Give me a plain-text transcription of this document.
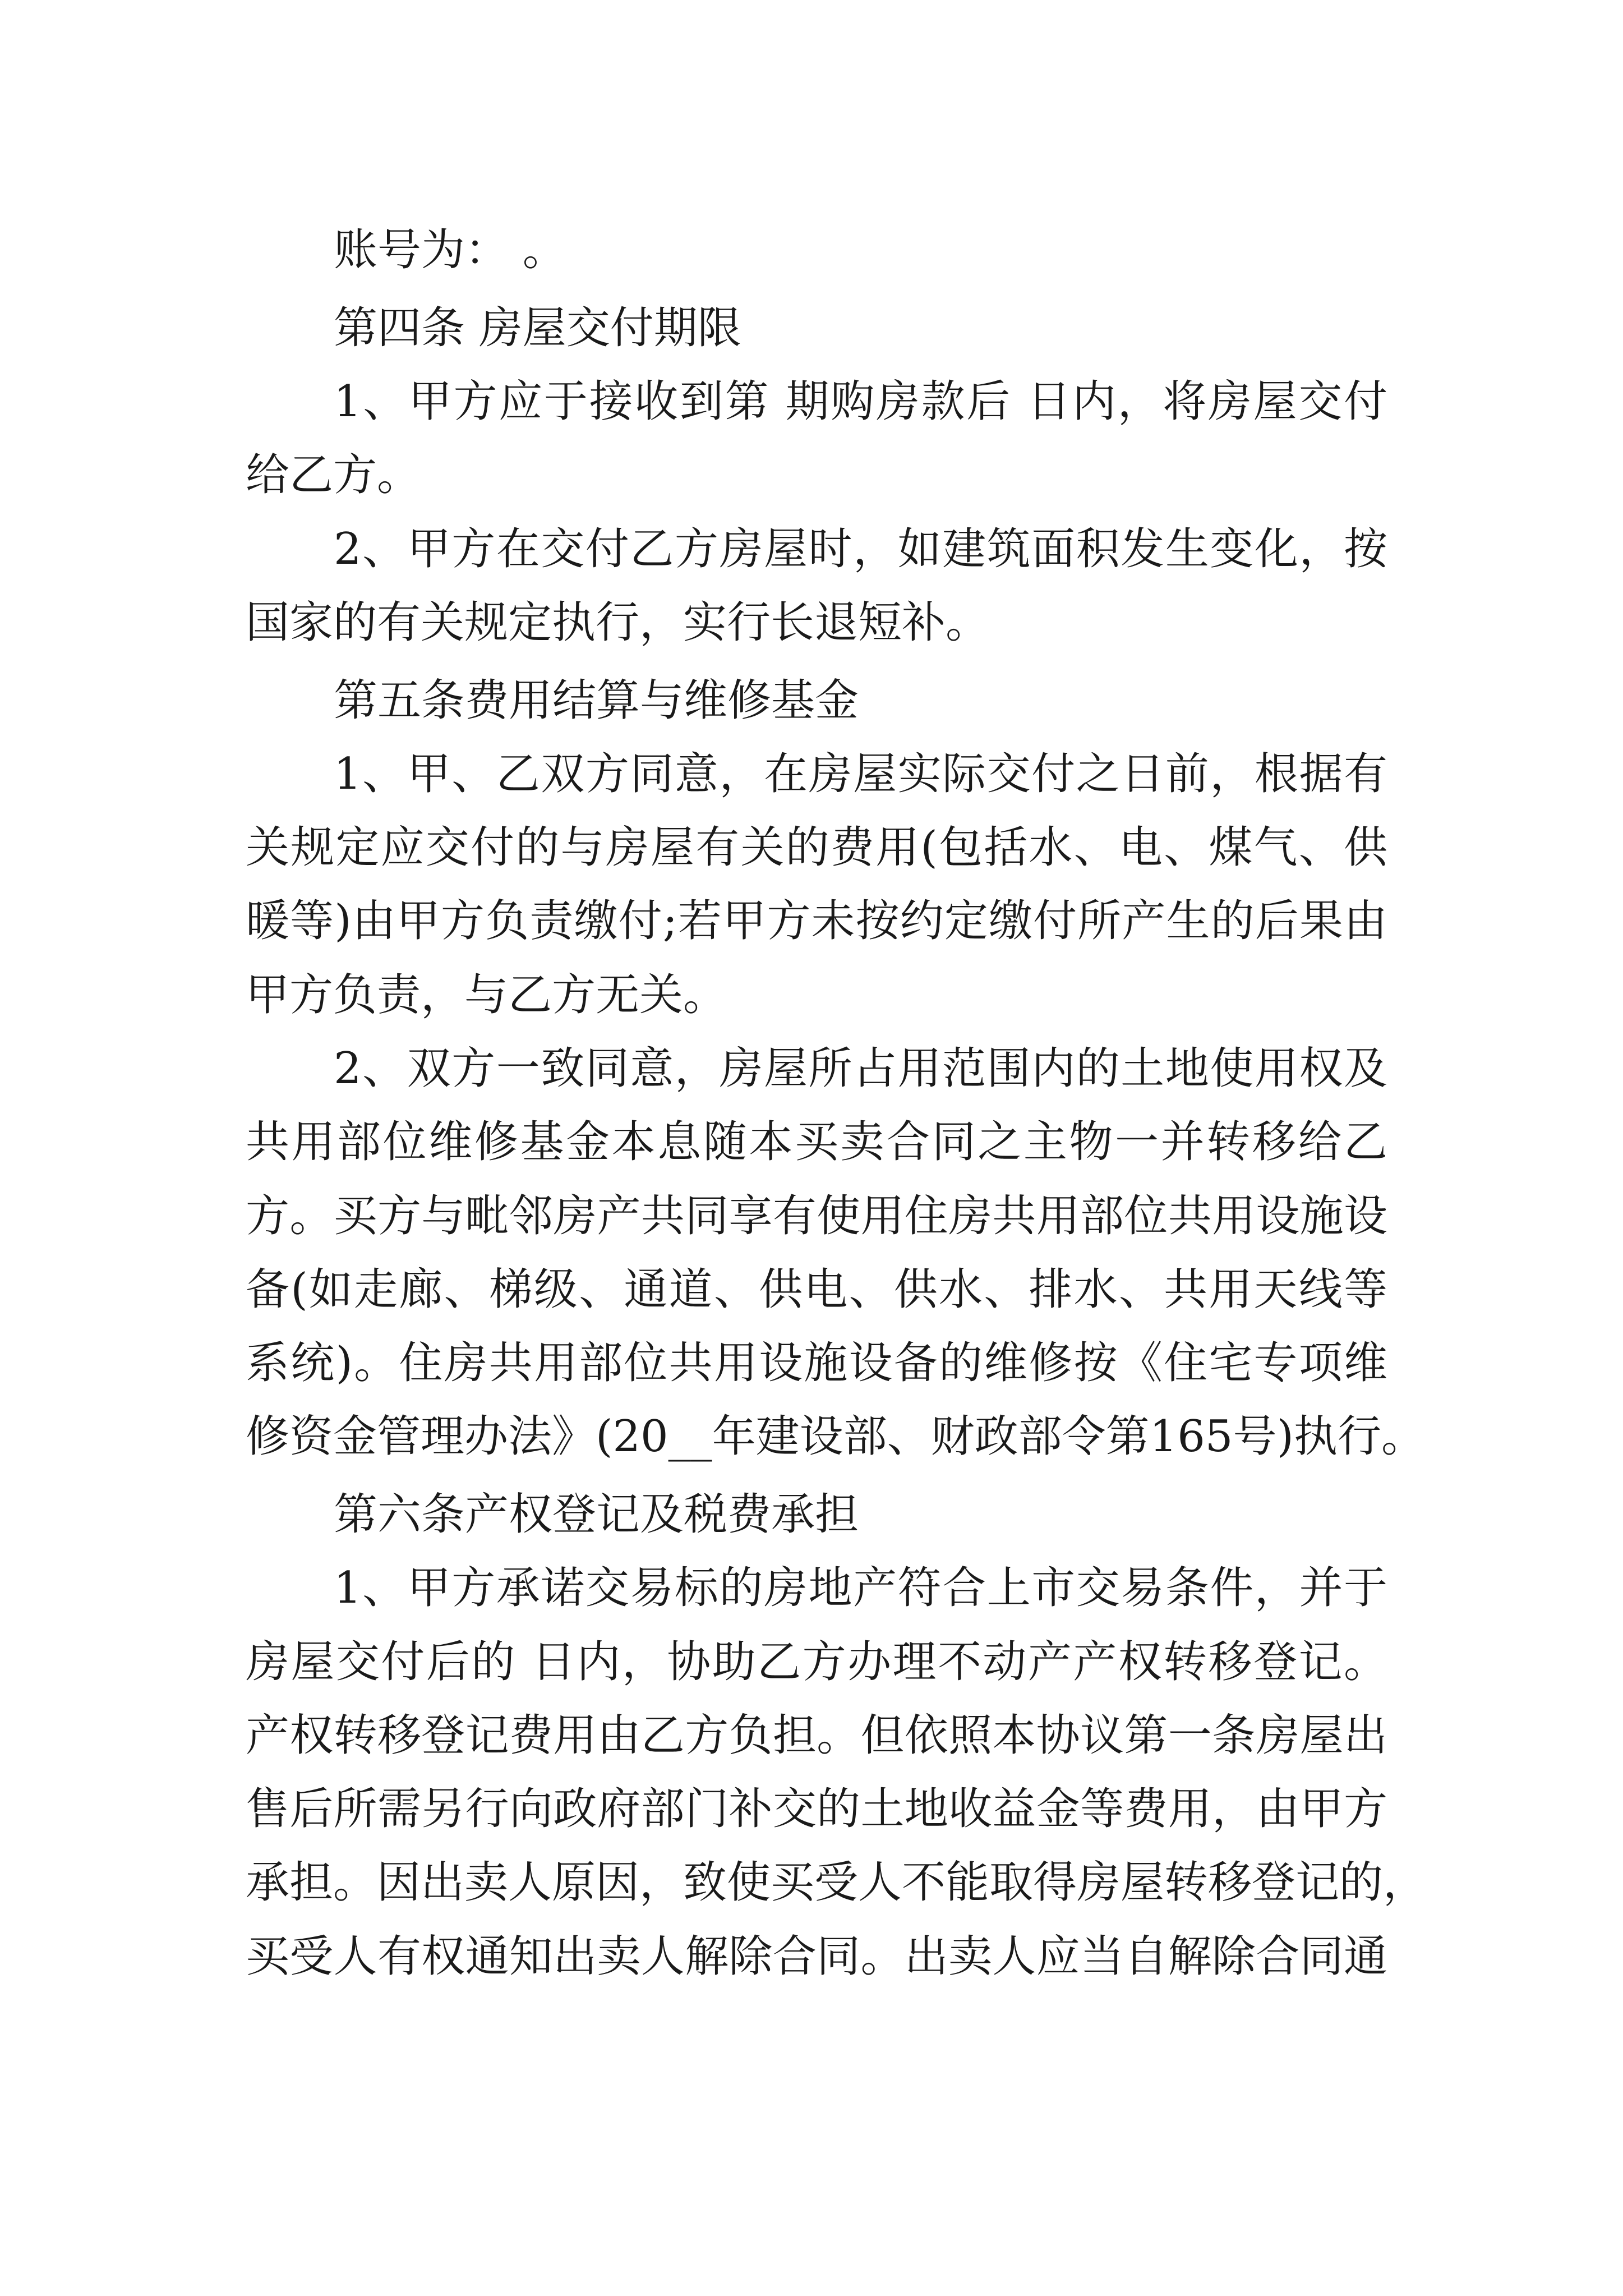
账号为： 。
第四条 房屋交付期限
1、甲方应于接收到第 期购房款后 日内，将房屋交付
给乙方。
2、甲方在交付乙方房屋时，如建筑面积发生变化，按
国家的有关规定执行，实行长退短补。
第五条费用结算与维修基金
1、甲、乙双方同意，在房屋实际交付之日前，根据有
关规定应交付的与房屋有关的费用(包括水、电、煤气、供
暖等)由甲方负责缴付;若甲方未按约定缴付所产生的后果由
甲方负责，与乙方无关。
2、双方一致同意，房屋所占用范围内的土地使用权及
共用部位维修基金本息随本买卖合同之主物一并转移给乙
方。买方与毗邻房产共同享有使用住房共用部位共用设施设
备(如走廊、梯级、通道、供电、供水、排水、共用天线等
系统)。住房共用部位共用设施设备的维修按《住宅专项维
修资金管理办法》(20__年建设部、财政部令第165号)执行。
第六条产权登记及税费承担
1、甲方承诺交易标的房地产符合上市交易条件，并于
房屋交付后的 日内，协助乙方办理不动产产权转移登记。
产权转移登记费用由乙方负担。但依照本协议第一条房屋出
售后所需另行向政府部门补交的土地收益金等费用，由甲方
承担。因出卖人原因，致使买受人不能取得房屋转移登记的，
买受人有权通知出卖人解除合同。出卖人应当自解除合同通
